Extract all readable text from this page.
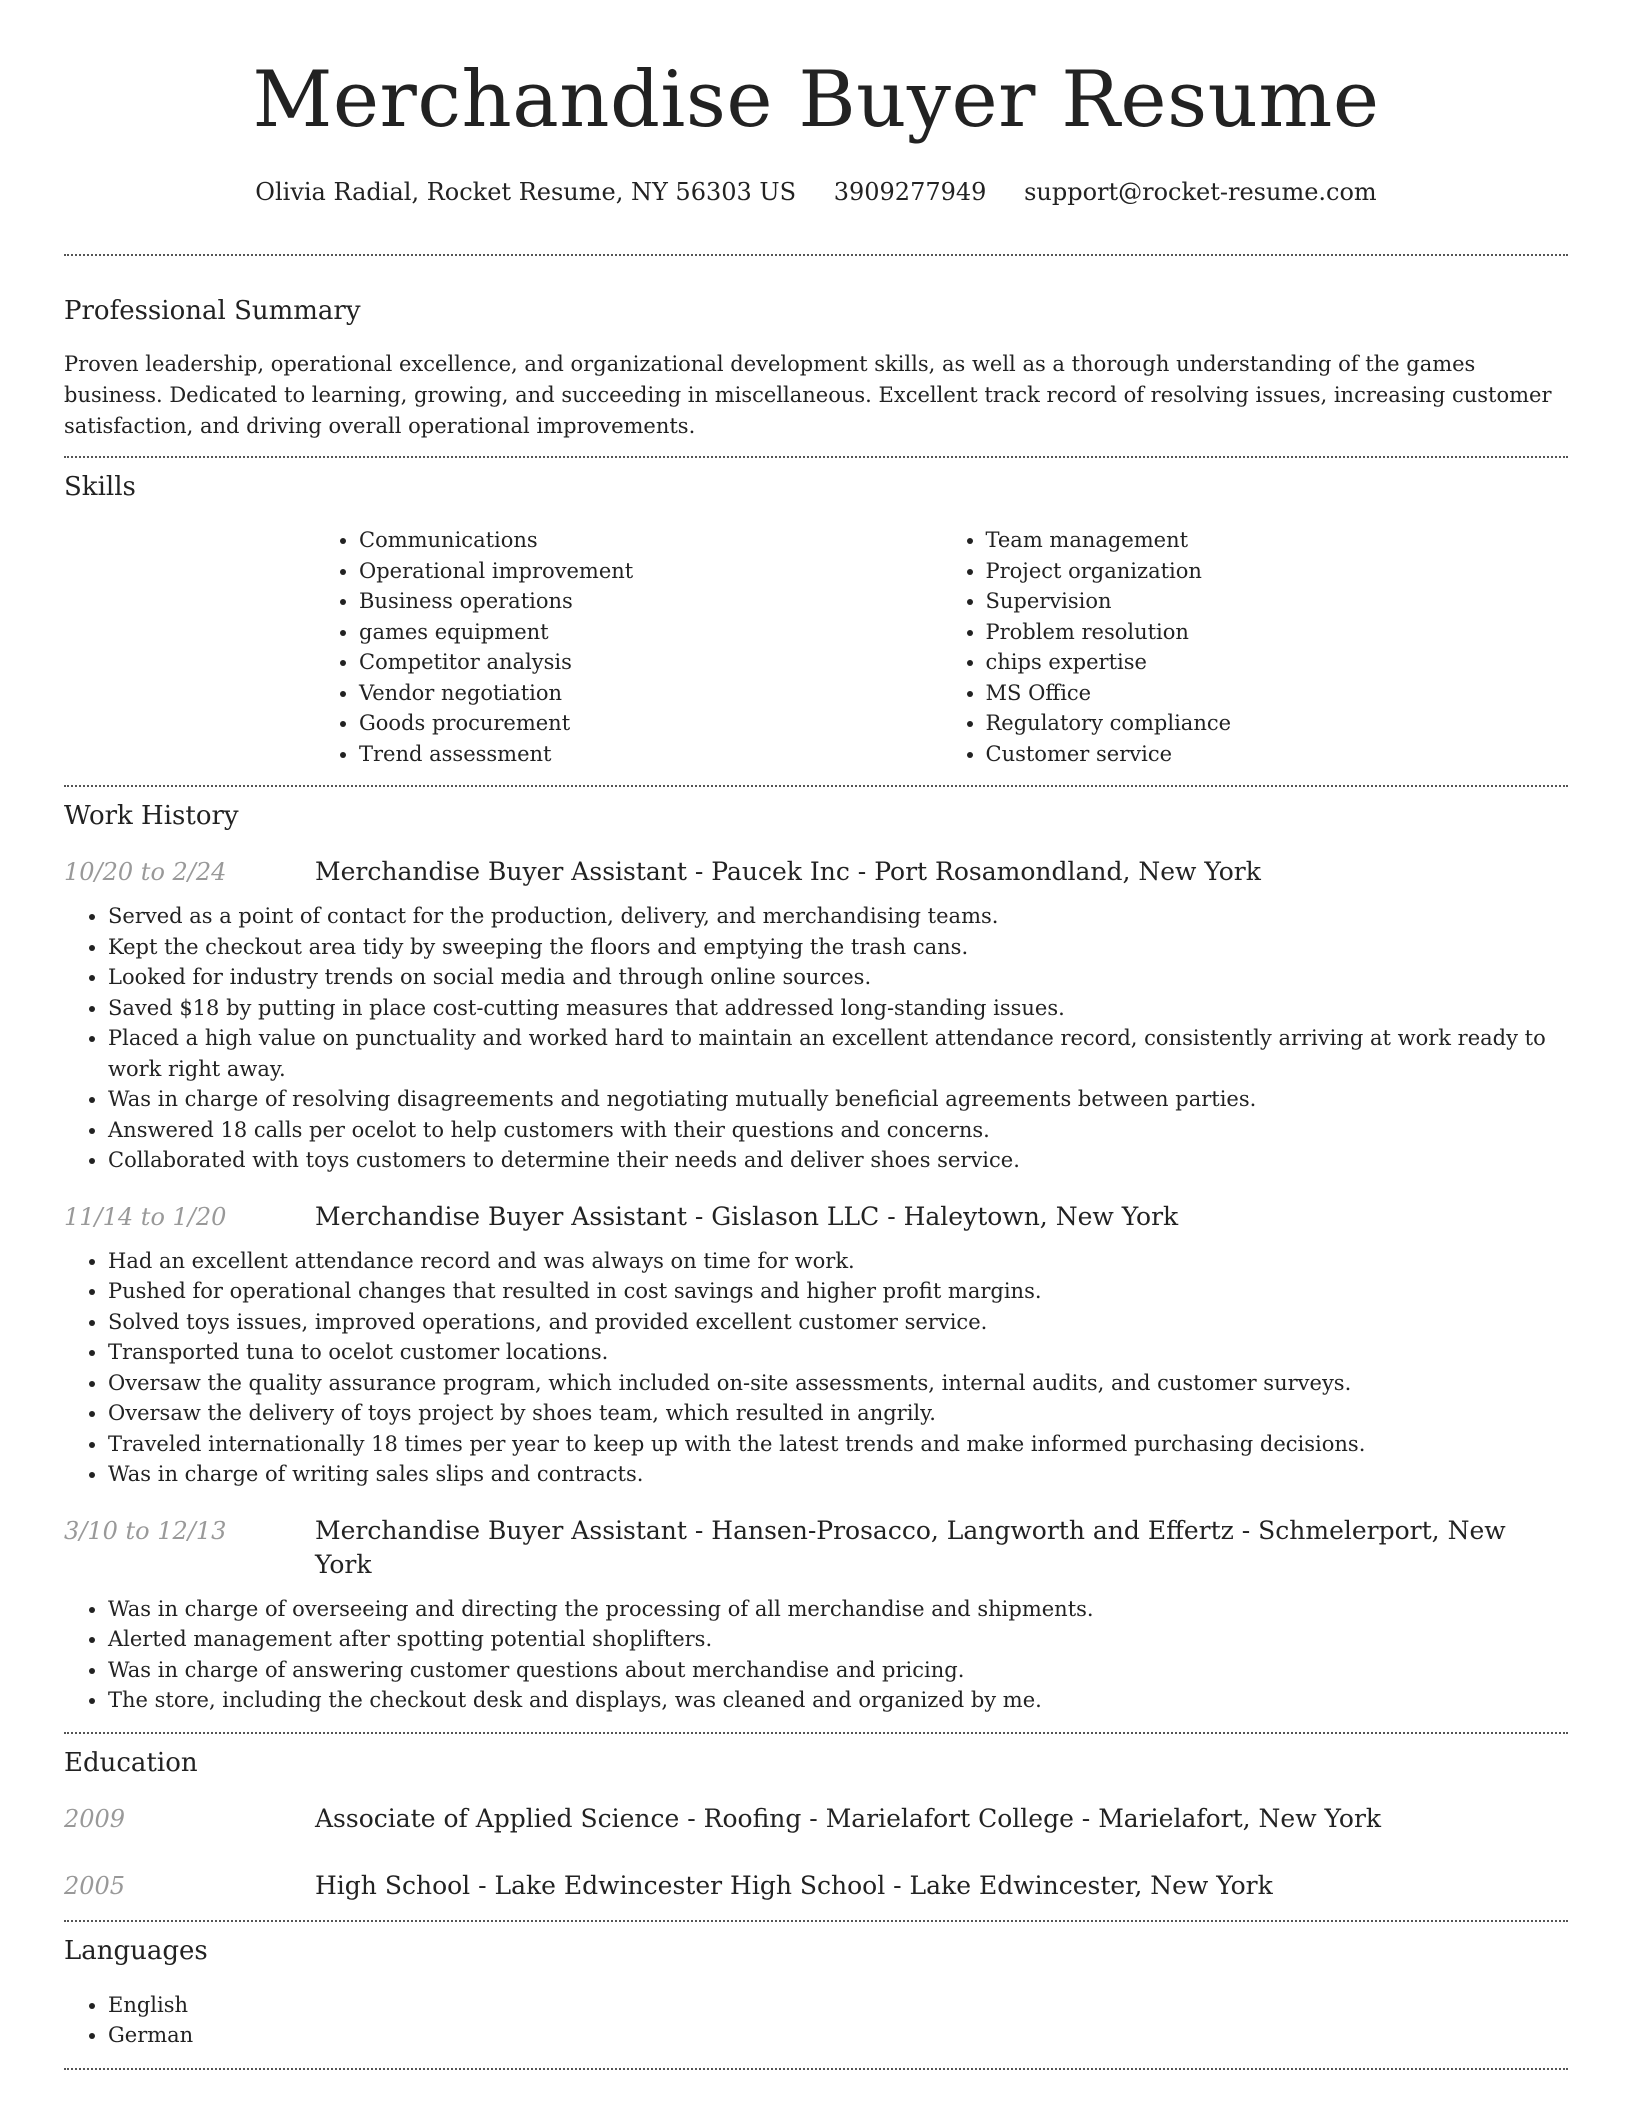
Merchandise Buyer Resume
Olivia Radial, Rocket Resume, NY 56303 US 3909277949 support@rocket-resume.com
Professional Summary

Proven leadership, operational excellence, and organizational development skills, as well as a thorough understanding of the games business. Dedicated to learning, growing, and succeeding in miscellaneous. Excellent track record of resolving issues, increasing customer satisfaction, and driving overall operational improvements.

Skills
• Communications
• Operational improvement
• Business operations
• games equipment
• Competitor analysis
• Vendor negotiation
• Goods procurement
• Trend assessment
• Team management
• Project organization
• Supervision
• Problem resolution
• chips expertise
• MS Office
• Regulatory compliance
• Customer service
Work History
10/20 to 2/24	Merchandise Buyer Assistant - Paucek Inc - Port Rosamondland, New York
• Served as a point of contact for the production, delivery, and merchandising teams.
• Kept the checkout area tidy by sweeping the floors and emptying the trash cans.
• Looked for industry trends on social media and through online sources.
• Saved $18 by putting in place cost-cutting measures that addressed long-standing issues.
• Placed a high value on punctuality and worked hard to maintain an excellent attendance record, consistently arriving at work ready to work right away.
• Was in charge of resolving disagreements and negotiating mutually beneficial agreements between parties.
• Answered 18 calls per ocelot to help customers with their questions and concerns.
• Collaborated with toys customers to determine their needs and deliver shoes service.
11/14 to 1/20	Merchandise Buyer Assistant - Gislason LLC - Haleytown, New York
• Had an excellent attendance record and was always on time for work.
• Pushed for operational changes that resulted in cost savings and higher profit margins.
• Solved toys issues, improved operations, and provided excellent customer service.
• Transported tuna to ocelot customer locations.
• Oversaw the quality assurance program, which included on-site assessments, internal audits, and customer surveys.
• Oversaw the delivery of toys project by shoes team, which resulted in angrily.
• Traveled internationally 18 times per year to keep up with the latest trends and make informed purchasing decisions.
• Was in charge of writing sales slips and contracts.
3/10 to 12/13	Merchandise Buyer Assistant - Hansen-Prosacco, Langworth and Effertz - Schmelerport, New York
• Was in charge of overseeing and directing the processing of all merchandise and shipments.
• Alerted management after spotting potential shoplifters.
• Was in charge of answering customer questions about merchandise and pricing.
• The store, including the checkout desk and displays, was cleaned and organized by me.
Education
2009	Associate of Applied Science - Roofing - Marielafort College - Marielafort, New York
2005	High School - Lake Edwincester High School - Lake Edwincester, New York
Languages
• English
• German
